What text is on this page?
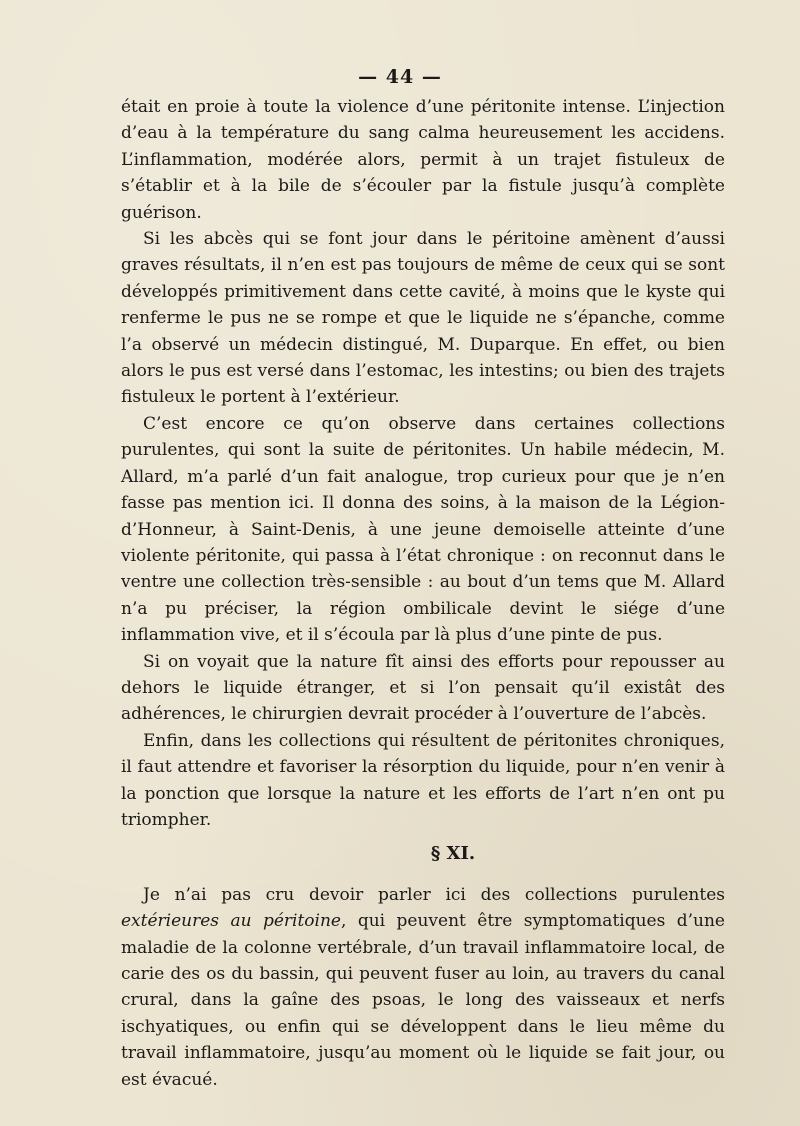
— 44 —

était en proie à toute la violence d’une péritonite intense. L’injection d’eau à la température du sang calma heureusement les accidens. L’inflammation, modérée alors, permit à un trajet fistuleux de s’établir et à la bile de s’écouler par la fistule jusqu’à complète guérison.

Si les abcès qui se font jour dans le péritoine amènent d’aussi graves résultats, il n’en est pas toujours de même de ceux qui se sont développés primitivement dans cette cavité, à moins que le kyste qui renferme le pus ne se rompe et que le liquide ne s’épanche, comme l’a observé un médecin distingué, M. Duparque. En effet, ou bien alors le pus est versé dans l’estomac, les intestins; ou bien des trajets fistuleux le portent à l’extérieur.

C’est encore ce qu’on observe dans certaines collections purulentes, qui sont la suite de péritonites. Un habile médecin, M. Allard, m’a parlé d’un fait analogue, trop curieux pour que je n’en fasse pas mention ici. Il donna des soins, à la maison de la Légion-d’Honneur, à Saint-Denis, à une jeune demoiselle atteinte d’une violente péritonite, qui passa à l’état chronique : on reconnut dans le ventre une collection très-sensible : au bout d’un tems que M. Allard n’a pu préciser, la région ombilicale devint le siége d’une inflammation vive, et il s’écoula par là plus d’une pinte de pus.

Si on voyait que la nature fît ainsi des efforts pour repousser au dehors le liquide étranger, et si l’on pensait qu’il existât des adhérences, le chirurgien devrait procéder à l’ouverture de l’abcès.

Enfin, dans les collections qui résultent de péritonites chroniques, il faut attendre et favoriser la résorption du liquide, pour n’en venir à la ponction que lorsque la nature et les efforts de l’art n’en ont pu triompher.

§ XI.

Je n’ai pas cru devoir parler ici des collections purulentes extérieures au péritoine, qui peuvent être symptomatiques d’une maladie de la colonne vertébrale, d’un travail inflammatoire local, de carie des os du bassin, qui peuvent fuser au loin, au travers du canal crural, dans la gaîne des psoas, le long des vaisseaux et nerfs ischyatiques, ou enfin qui se développent dans le lieu même du travail inflammatoire, jusqu’au moment où le liquide se fait jour, ou est évacué.
